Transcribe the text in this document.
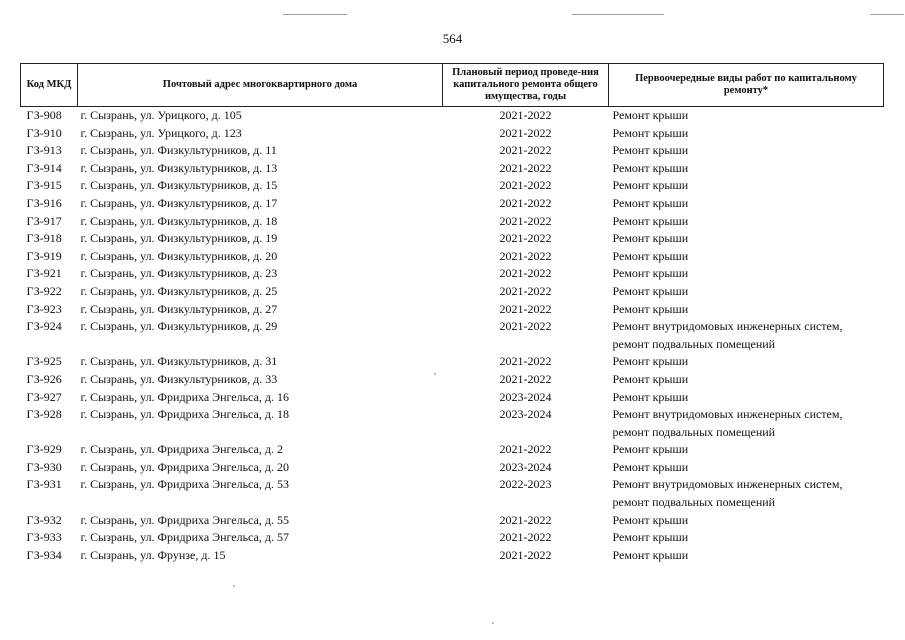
564
Код МКД	Почтовый адрес многоквартирного дома	Плановый период проведе-ния капитального ремонта общего имущества, годы	Первоочередные виды работ по капитальному ремонту*
ГЗ-908	г. Сызрань, ул. Урицкого, д. 105	2021-2022	Ремонт крыши

ГЗ-910	г. Сызрань, ул. Урицкого, д. 123	2021-2022	Ремонт крыши

ГЗ-913	г. Сызрань, ул. Физкультурников, д. 11	2021-2022	Ремонт крыши

ГЗ-914	г. Сызрань, ул. Физкультурников, д. 13	2021-2022	Ремонт крыши

ГЗ-915	г. Сызрань, ул. Физкультурников, д. 15	2021-2022	Ремонт крыши

ГЗ-916	г. Сызрань, ул. Физкультурников, д. 17	2021-2022	Ремонт крыши

ГЗ-917	г. Сызрань, ул. Физкультурников, д. 18	2021-2022	Ремонт крыши

ГЗ-918	г. Сызрань, ул. Физкультурников, д. 19	2021-2022	Ремонт крыши

ГЗ-919	г. Сызрань, ул. Физкультурников, д. 20	2021-2022	Ремонт крыши

ГЗ-921	г. Сызрань, ул. Физкультурников, д. 23	2021-2022	Ремонт крыши

ГЗ-922	г. Сызрань, ул. Физкультурников, д. 25	2021-2022	Ремонт крыши

ГЗ-923	г. Сызрань, ул. Физкультурников, д. 27	2021-2022	Ремонт крыши

ГЗ-924	г. Сызрань, ул. Физкультурников, д. 29	2021-2022	Ремонт внутридомовых инженерных систем,
ремонт подвальных помещений

ГЗ-925	г. Сызрань, ул. Физкультурников, д. 31	2021-2022	Ремонт крыши

ГЗ-926	г. Сызрань, ул. Физкультурников, д. 33	2021-2022	Ремонт крыши

ГЗ-927	г. Сызрань, ул. Фридриха Энгельса, д. 16	2023-2024	Ремонт крыши

ГЗ-928	г. Сызрань, ул. Фридриха Энгельса, д. 18	2023-2024	Ремонт внутридомовых инженерных систем,
ремонт подвальных помещений

ГЗ-929	г. Сызрань, ул. Фридриха Энгельса, д. 2	2021-2022	Ремонт крыши

ГЗ-930	г. Сызрань, ул. Фридриха Энгельса, д. 20	2023-2024	Ремонт крыши

ГЗ-931	г. Сызрань, ул. Фридриха Энгельса, д. 53	2022-2023	Ремонт внутридомовых инженерных систем,
ремонт подвальных помещений

ГЗ-932	г. Сызрань, ул. Фридриха Энгельса, д. 55	2021-2022	Ремонт крыши

ГЗ-933	г. Сызрань, ул. Фридриха Энгельса, д. 57	2021-2022	Ремонт крыши

ГЗ-934	г. Сызрань, ул. Фрунзе, д. 15	2021-2022	Ремонт крыши
